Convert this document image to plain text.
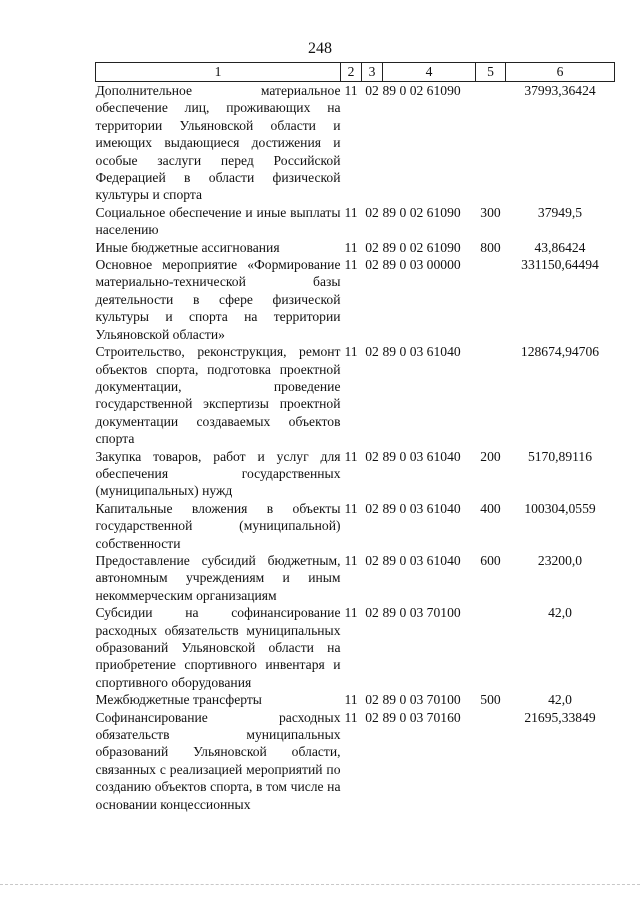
248
1	2	3	4	5	6
Дополнительное материальное обеспечение лиц, проживающих на территории Ульяновской области и имеющих выдающиеся достижения и особые заслуги перед Российской Федерацией в области физической культуры и спорта	11	02	89 0 02 61090		37993,36424
Социальное обеспечение и иные выплаты населению	11	02	89 0 02 61090	300	37949,5
Иные бюджетные ассигнования	11	02	89 0 02 61090	800	43,86424
Основное мероприятие «Формирование материально-технической базы деятельности в сфере физической культуры и спорта на территории Ульяновской области»	11	02	89 0 03 00000		331150,64494
Строительство, реконструкция, ремонт объектов спорта, подготовка проектной документации, проведение государственной экспертизы проектной документации создаваемых объектов спорта	11	02	89 0 03 61040		128674,94706
Закупка товаров, работ и услуг для обеспечения государственных (муниципальных) нужд	11	02	89 0 03 61040	200	5170,89116
Капитальные вложения в объекты государственной (муниципальной) собственности	11	02	89 0 03 61040	400	100304,0559
Предоставление субсидий бюджетным, автономным учреждениям и иным некоммерческим организациям	11	02	89 0 03 61040	600	23200,0
Субсидии на софинансирование расходных обязательств муниципальных образований Ульяновской области на приобретение спортивного инвентаря и спортивного оборудования	11	02	89 0 03 70100		42,0
Межбюджетные трансферты	11	02	89 0 03 70100	500	42,0
Софинансирование расходных обязательств муниципальных образований Ульяновской области, связанных с реализацией мероприятий по созданию объектов спорта, в том числе на основании концессионных	11	02	89 0 03 70160		21695,33849
